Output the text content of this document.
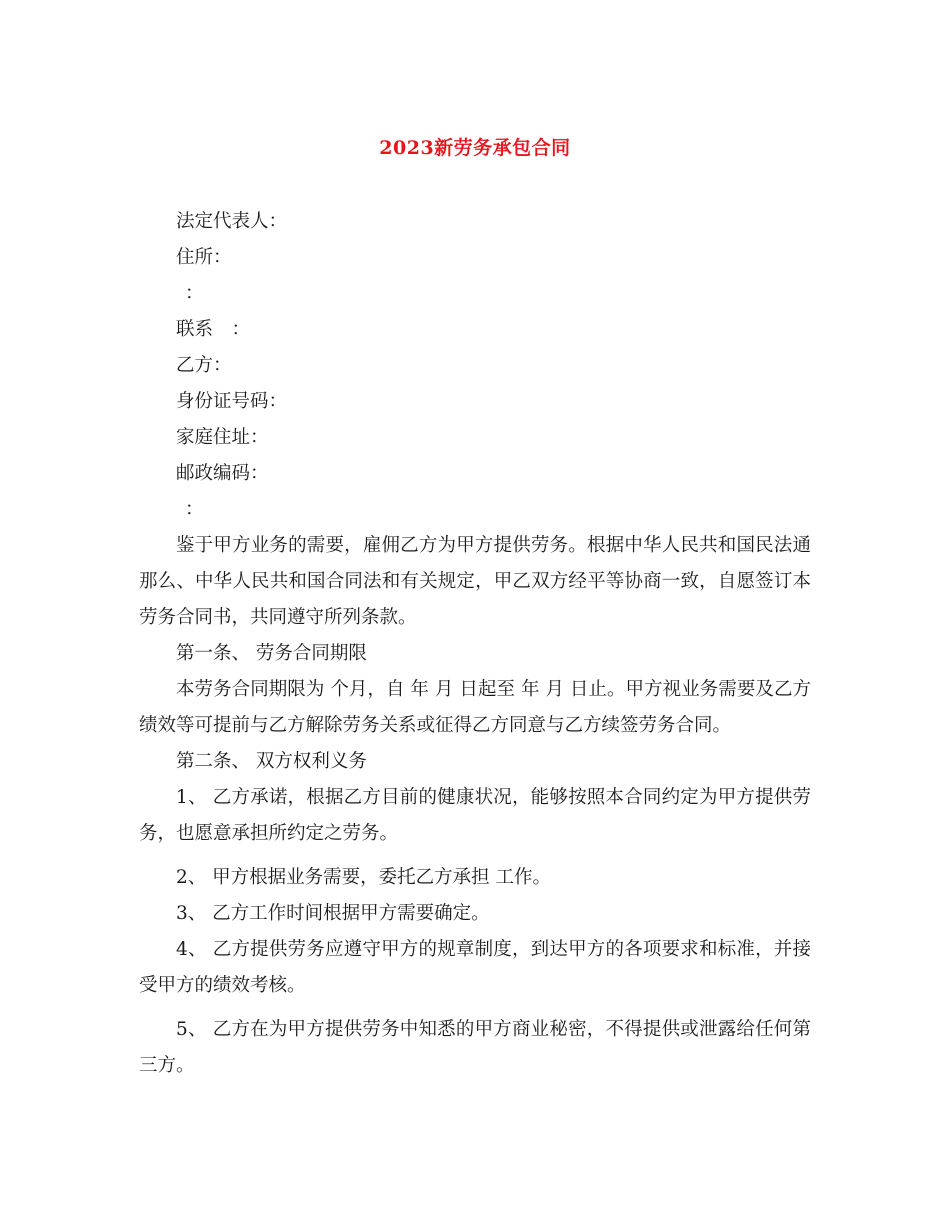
2023新劳务承包合同
法定代表人：
住所：
：
联系　：
乙方：
身份证号码：
家庭住址：
邮政编码：
：
鉴于甲方业务的需要，雇佣乙方为甲方提供劳务。根据中华人民共和国民法通那么、中华人民共和国合同法和有关规定，甲乙双方经平等协商一致，自愿签订本劳务合同书，共同遵守所列条款。
第一条、 劳务合同期限
本劳务合同期限为 个月，自 年 月 日起至 年 月 日止。甲方视业务需要及乙方绩效等可提前与乙方解除劳务关系或征得乙方同意与乙方续签劳务合同。
第二条、 双方权利义务
1、 乙方承诺，根据乙方目前的健康状况，能够按照本合同约定为甲方提供劳务，也愿意承担所约定之劳务。
2、 甲方根据业务需要，委托乙方承担 工作。
3、 乙方工作时间根据甲方需要确定。
4、 乙方提供劳务应遵守甲方的规章制度，到达甲方的各项要求和标准，并接受甲方的绩效考核。
5、 乙方在为甲方提供劳务中知悉的甲方商业秘密，不得提供或泄露给任何第三方。
